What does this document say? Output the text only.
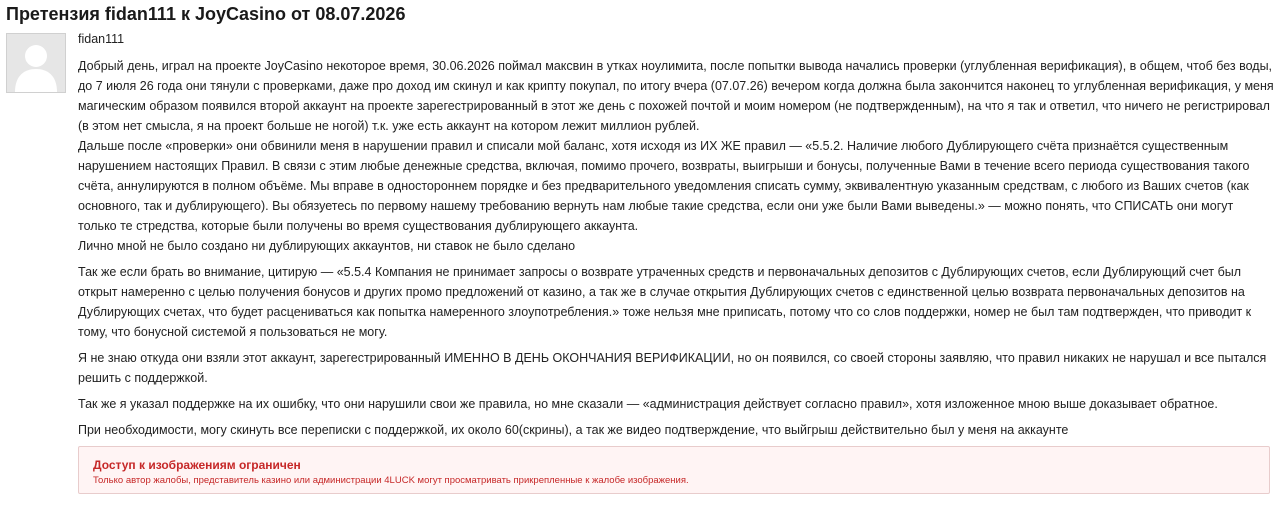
Претензия fidan111 к JoyCasino от 08.07.2026
fidan111

Добрый день, играл на проекте JoyCasino некоторое время, 30.06.2026 поймал максвин в утках ноулимита, после попытки вывода начались проверки (углубленная верификация), в общем, чтоб без воды, до 7 июля 26 года они тянули с проверками, даже про доход им скинул и как крипту покупал, по итогу вчера (07.07.26) вечером когда должна была закончится наконец то углубленная верификация, у меня магическим образом появился второй аккаунт на проекте зарегестрированный в этот же день с похожей почтой и моим номером (не подтвержденным), на что я так и ответил, что ничего не регистрировал (в этом нет смысла, я на проект больше не ногой) т.к. уже есть аккаунт на котором лежит миллион рублей.

Дальше после «проверки» они обвинили меня в нарушении правил и списали мой баланс, хотя исходя из ИХ ЖЕ правил — «5.5.2. Наличие любого Дублирующего счёта признаётся существенным нарушением настоящих Правил. В связи с этим любые денежные средства, включая, помимо прочего, возвраты, выигрыши и бонусы, полученные Вами в течение всего периода существования такого счёта, аннулируются в полном объёме. Мы вправе в одностороннем порядке и без предварительного уведомления списать сумму, эквивалентную указанным средствам, с любого из Ваших счетов (как основного, так и дублирующего). Вы обязуетесь по первому нашему требованию вернуть нам любые такие средства, если они уже были Вами выведены.» — можно понять, что СПИСАТЬ они могут только те стредства, которые были получены во время существования дублирующего аккаунта.

Лично мной не было создано ни дублирующих аккаунтов, ни ставок не было сделано

Так же если брать во внимание, цитирую — «5.5.4 Компания не принимает запросы о возврате утраченных средств и первоначальных депозитов с Дублирующих счетов, если Дублирующий счет был открыт намеренно с целью получения бонусов и других промо предложений от казино, а так же в случае открытия Дублирующих счетов с единственной целью возврата первоначальных депозитов на Дублирующих счетах, что будет расцениваться как попытка намеренного злоупотребления.» тоже нельзя мне приписать, потому что со слов поддержки, номер не был там подтвержден, что приводит к тому, что бонусной системой я пользоваться не могу.

Я не знаю откуда они взяли этот аккаунт, зарегестрированный ИМЕННО В ДЕНЬ ОКОНЧАНИЯ ВЕРИФИКАЦИИ, но он появился, со своей стороны заявляю, что правил никаких не нарушал и все пытался решить с поддержкой.

Так же я указал поддержке на их ошибку, что они нарушили свои же правила, но мне сказали — «администрация действует согласно правил», хотя изложенное мною выше доказывает обратное.

При необходимости, могу скинуть все переписки с поддержкой, их около 60(скрины), а так же видео подтверждение, что выйгрыш действительно был у меня на аккаунте

Доступ к изображениям ограничен
Только автор жалобы, представитель казино или администрации 4LUCK могут просматривать прикрепленные к жалобе изображения.
